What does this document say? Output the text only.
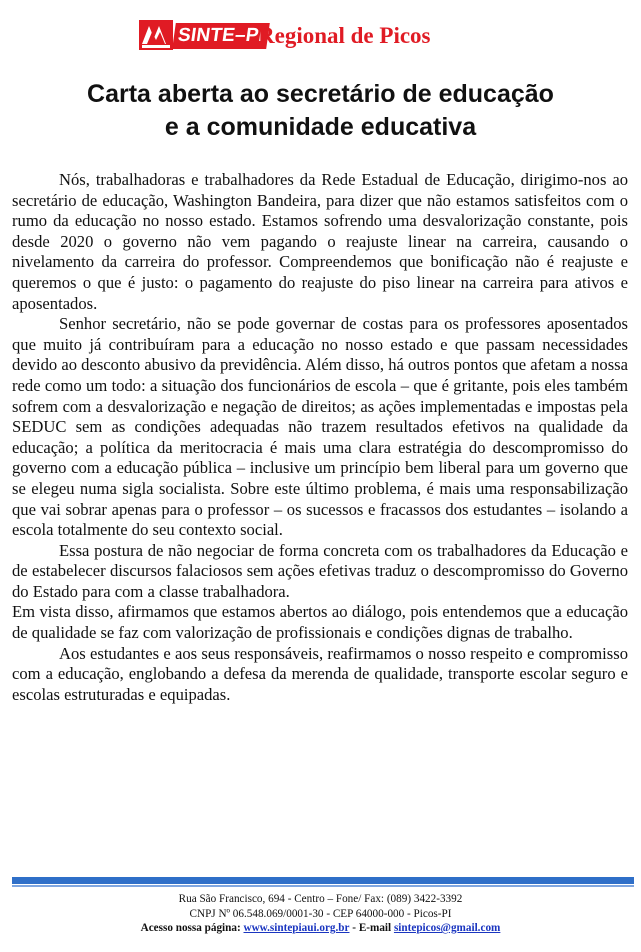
SINTE–PI
Regional de Picos
Carta aberta ao secretário de educação
e a comunidade educativa

Nós, trabalhadoras e trabalhadores da Rede Estadual de Educação, dirigimo-nos ao secretário de educação, Washington Bandeira, para dizer que não estamos satisfeitos com o rumo da educação no nosso estado. Estamos sofrendo uma desvalorização constante, pois desde 2020 o governo não vem pagando o reajuste linear na carreira, causando o nivelamento da carreira do professor. Compreendemos que bonificação não é reajuste e queremos o que é justo: o pagamento do reajuste do piso linear na carreira para ativos e aposentados.

Senhor secretário, não se pode governar de costas para os professores aposentados que muito já contribuíram para a educação no nosso estado e que passam necessidades devido ao desconto abusivo da previdência. Além disso, há outros pontos que afetam a nossa rede como um todo: a situação dos funcionários de escola – que é gritante, pois eles também sofrem com a desvalorização e negação de direitos; as ações implementadas e impostas pela SEDUC sem as condições adequadas não trazem resultados efetivos na qualidade da educação; a política da meritocracia é mais uma clara estratégia do descompromisso do governo com a educação pública – inclusive um princípio bem liberal para um governo que se elegeu numa sigla socialista. Sobre este último problema, é mais uma responsabilização que vai sobrar apenas para o professor – os sucessos e fracassos dos estudantes – isolando a escola totalmente do seu contexto social.

Essa postura de não negociar de forma concreta com os trabalhadores da Educação e de estabelecer discursos falaciosos sem ações efetivas traduz o descompromisso do Governo do Estado para com a classe trabalhadora.

Em vista disso, afirmamos que estamos abertos ao diálogo, pois entendemos que a educação de qualidade se faz com valorização de profissionais e condições dignas de trabalho.

Aos estudantes e aos seus responsáveis, reafirmamos o nosso respeito e compromisso com a educação, englobando a defesa da merenda de qualidade, transporte escolar seguro e escolas estruturadas e equipadas.

Rua São Francisco, 694 - Centro – Fone/ Fax: (089) 3422-3392
CNPJ Nº 06.548.069/0001-30 - CEP 64000-000 - Picos-PI
Acesso nossa página: www.sintepiaui.org.br - E-mail sintepicos@gmail.com
